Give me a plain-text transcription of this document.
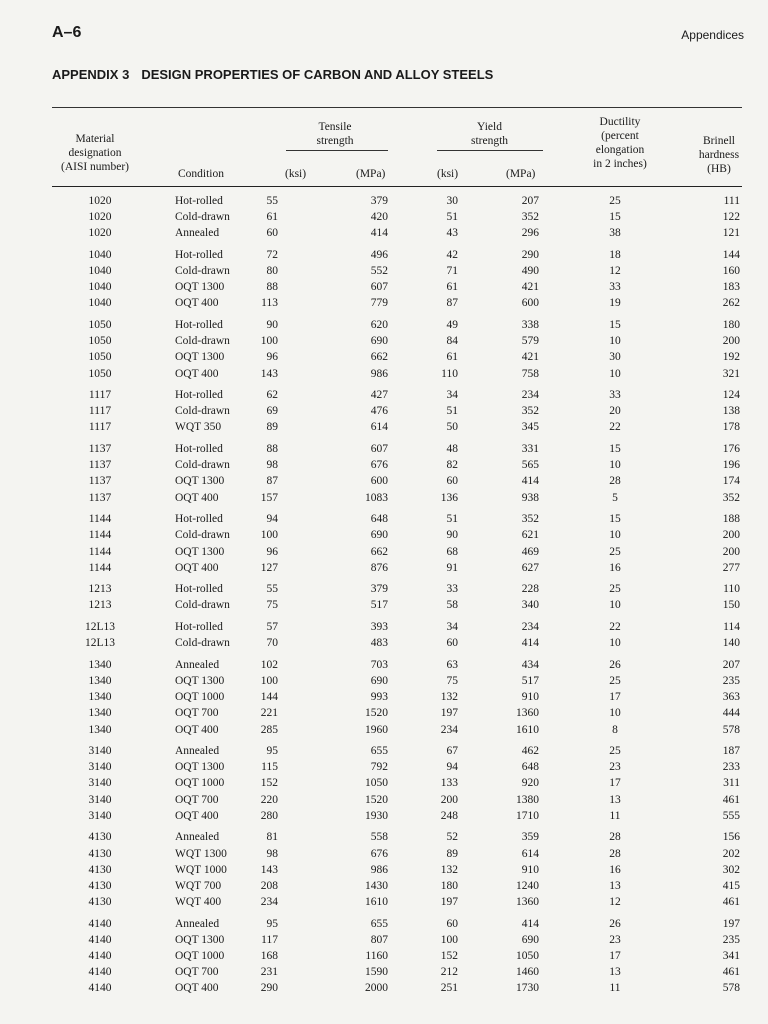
A–6	Appendices
APPENDIX 3 DESIGN PROPERTIES OF CARBON AND ALLOY STEELS
Material
designation
(AISI number)
Condition
Tensile
strength
(ksi)	(MPa)
Yield
strength
(ksi)	(MPa)
Ductility
(percent
elongation
in 2 inches)
Brinell
hardness
(HB)
1020	Hot-rolled	55	379	30	207	25	111
1020	Cold-drawn	61	420	51	352	15	122
1020	Annealed	60	414	43	296	38	121
1040	Hot-rolled	72	496	42	290	18	144
1040	Cold-drawn	80	552	71	490	12	160
1040	OQT 1300	88	607	61	421	33	183
1040	OQT 400	113	779	87	600	19	262
1050	Hot-rolled	90	620	49	338	15	180
1050	Cold-drawn	100	690	84	579	10	200
1050	OQT 1300	96	662	61	421	30	192
1050	OQT 400	143	986	110	758	10	321
1117	Hot-rolled	62	427	34	234	33	124
1117	Cold-drawn	69	476	51	352	20	138
1117	WQT 350	89	614	50	345	22	178
1137	Hot-rolled	88	607	48	331	15	176
1137	Cold-drawn	98	676	82	565	10	196
1137	OQT 1300	87	600	60	414	28	174
1137	OQT 400	157	1083	136	938	5	352
1144	Hot-rolled	94	648	51	352	15	188
1144	Cold-drawn	100	690	90	621	10	200
1144	OQT 1300	96	662	68	469	25	200
1144	OQT 400	127	876	91	627	16	277
1213	Hot-rolled	55	379	33	228	25	110
1213	Cold-drawn	75	517	58	340	10	150
12L13	Hot-rolled	57	393	34	234	22	114
12L13	Cold-drawn	70	483	60	414	10	140
1340	Annealed	102	703	63	434	26	207
1340	OQT 1300	100	690	75	517	25	235
1340	OQT 1000	144	993	132	910	17	363
1340	OQT 700	221	1520	197	1360	10	444
1340	OQT 400	285	1960	234	1610	8	578
3140	Annealed	95	655	67	462	25	187
3140	OQT 1300	115	792	94	648	23	233
3140	OQT 1000	152	1050	133	920	17	311
3140	OQT 700	220	1520	200	1380	13	461
3140	OQT 400	280	1930	248	1710	11	555
4130	Annealed	81	558	52	359	28	156
4130	WQT 1300	98	676	89	614	28	202
4130	WQT 1000	143	986	132	910	16	302
4130	WQT 700	208	1430	180	1240	13	415
4130	WQT 400	234	1610	197	1360	12	461
4140	Annealed	95	655	60	414	26	197
4140	OQT 1300	117	807	100	690	23	235
4140	OQT 1000	168	1160	152	1050	17	341
4140	OQT 700	231	1590	212	1460	13	461
4140	OQT 400	290	2000	251	1730	11	578
